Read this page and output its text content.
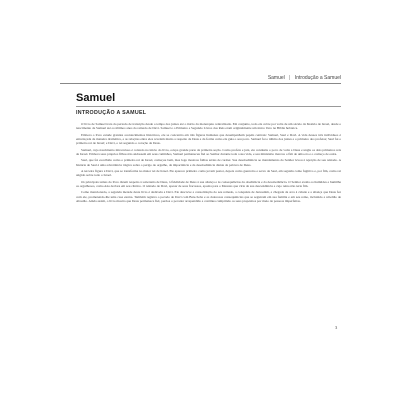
Samuel | Introdução a Samuel
Samuel
INTRODUÇÃO A SAMUEL

O livro de Samuel trata do período de transição desde o tempo dos juízes até o início da monarquia centralizada. Em conjunto, todo ele cobre por volta de um século da história de Israel, desde o nascimento de Samuel até os últimos anos do reinado de Davi. Samuel e o Primeiro e Segundo Livros dos Reis eram originalmente um único livro na Bíblia hebraica.

Embora o livro estude grandes acontecimentos históricos, ele se concentra em três figuras humanas que desempenham papéis centrais: Samuel, Saul e Davi. A vida desses três indivíduos é entrelaçada de maneira dramática, e as relações entre eles revelam muito a respeito de Deus e da forma como ele guia o seu povo. Samuel foi o último dos juízes e o primeiro dos profetas; Saul foi o primeiro rei de Israel; e Davi, o rei segundo o coração de Deus.

Samuel, cujo nascimento miraculoso é contado no início do livro, ocupa grande parte da primeira seção. Como profeta e juiz, ele conduziu o povo de volta a Deus e ungiu os dois primeiros reis de Israel. Embora seus próprios filhos não andassem em seus caminhos, Samuel permaneceu fiel ao Senhor durante toda a sua vida, e seu ministério marcou o fim de uma era e o começo de outra.

Saul, que foi escolhido como o primeiro rei de Israel, começou bem, mas logo mostrou falhas sérias de caráter. Sua desobediência ao mandamento do Senhor levou à rejeição de seu reinado. A história de Saul é uma advertência trágica sobre o perigo do orgulho, da impaciência e da desobediência diante da palavra de Deus.

A terceira figura é Davi, que se transforma no maior rei de Israel. Ele aparece primeiro como jovem pastor, depois como guerreiro e servo de Saul, em seguida como fugitivo e, por fim, como rei ungido sobre todo o Israel.

Os principais temas do livro dizem respeito à soberania de Deus, à fidelidade de Deus à sua aliança e às consequências da obediência e da desobediência. O Senhor exalta os humildes e humilha os orgulhosos, como Ana declara em seu cântico. O reinado de Davi, apesar de seus fracassos, aponta para o Messias que viria da sua descendência e cujo reino não teria fim.

Como mencionado, a segunda metade deste livro é dedicada a Davi. Ele descreve a consolidação do seu reinado, a conquista de Jerusalém, a chegada da arca à cidade e a aliança que Deus fez com ele, prometendo-lhe uma casa eterna. Também registra o pecado de Davi com Bate-Seba e as dolorosas consequências que se seguiram em sua família e em seu reino, incluindo a rebelião de Absalão. Ainda assim, o livro mostra que Deus permanece fiel, perdoa o pecador arrependido e continua cumprindo os seus propósitos por meio de pessoas imperfeitas.

3
